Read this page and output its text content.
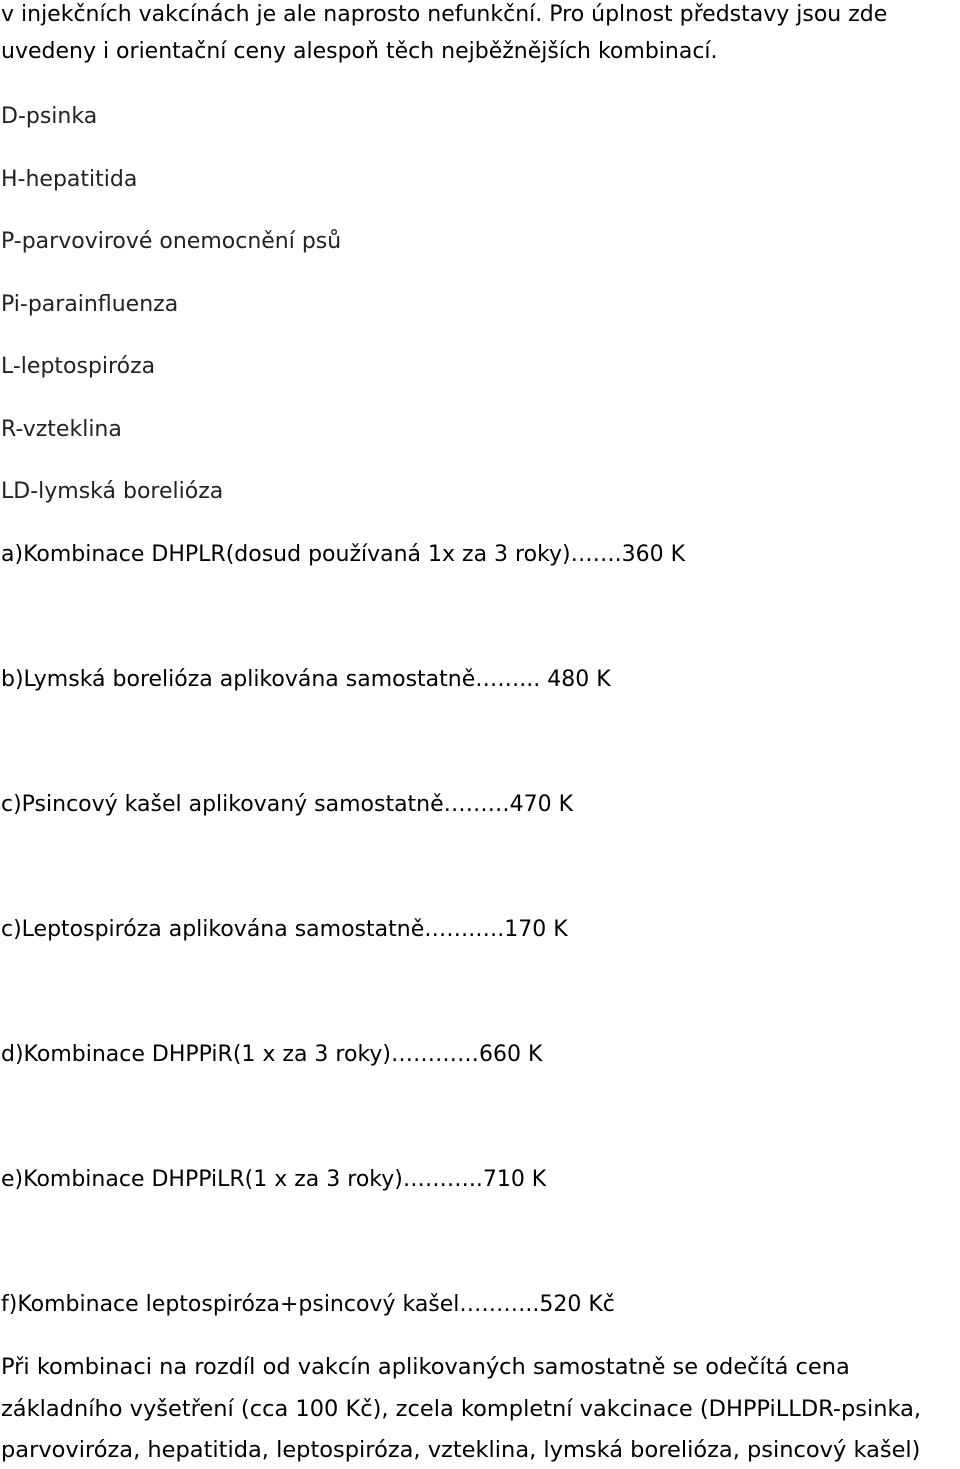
v injekčních vakcínách je ale naprosto nefunkční. Pro úplnost představy jsou zde
uvedeny i orientační ceny alespoň těch nejběžnějších kombinací.
D-psinka
H-hepatitida
P-parvovirové onemocnění psů
Pi-parainfluenza
L-leptospiróza
R-vzteklina
LD-lymská borelióza
a)Kombinace DHPLR(dosud používaná 1x za 3 roky)…….360 K
b)Lymská borelióza aplikována samostatně……... 480 K
c)Psincový kašel aplikovaný samostatně………470 K
c)Leptospiróza aplikována samostatně…….….170 K
d)Kombinace DHPPiR(1 x za 3 roky)…………660 K
e)Kombinace DHPPiLR(1 x za 3 roky)………..710 K
f)Kombinace leptospiróza+psincový kašel………..520 Kč
Při kombinaci na rozdíl od vakcín aplikovaných samostatně se odečítá cena
základního vyšetření (cca 100 Kč), zcela kompletní vakcinace (DHPPiLLDR-psinka,
parvoviróza, hepatitida, leptospiróza, vzteklina, lymská borelióza, psincový kašel)
